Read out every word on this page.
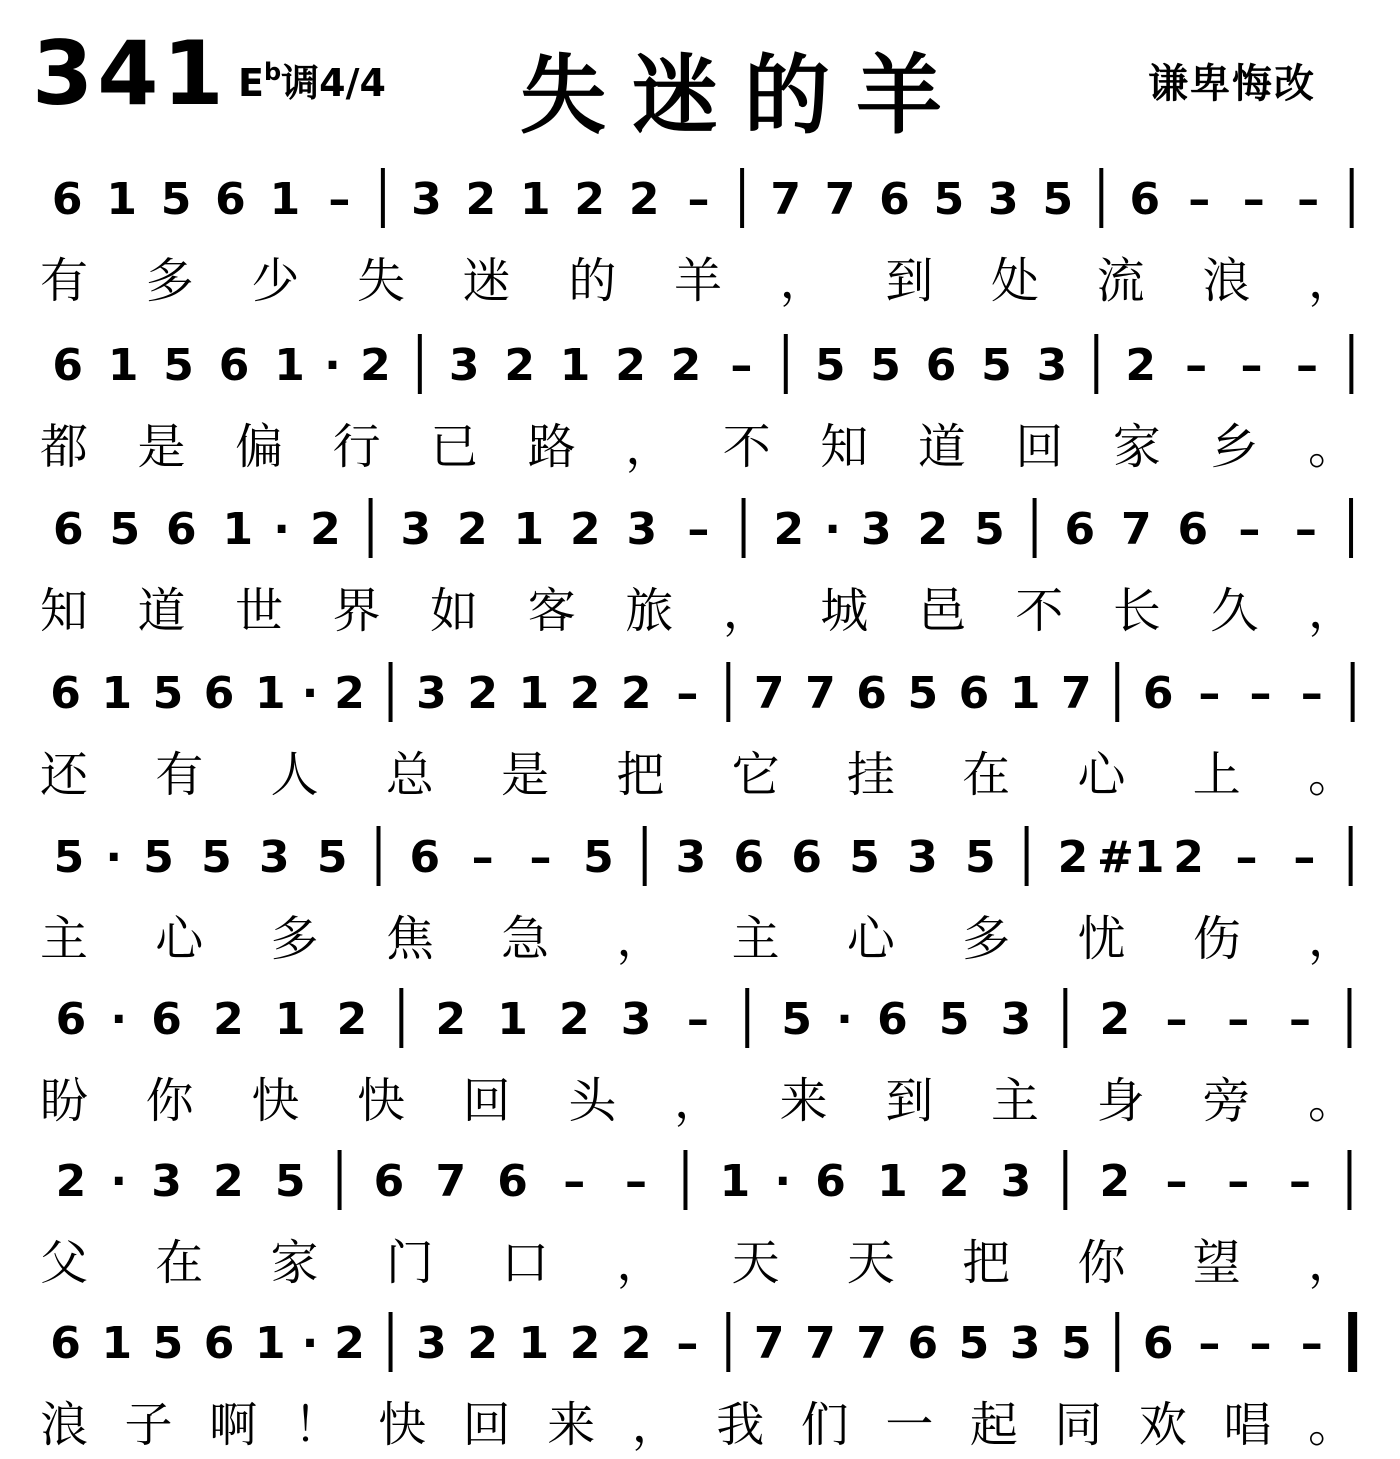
341 $E^b$调4/4 失迷的羊	谦卑悔改
6 1 5 6 1 – 3 2 1 2 2 – 7 7 6 5 3 5 6 – – –
有 多 少 失 迷 的 羊 ， 到 处 流 浪 ，
6 1 5 6 1 · 2 3 2 1 2 2 – 5 5 6 5 3 2 – – –
都 是 偏 行 已 路 ， 不 知 道 回 家 乡 。
6 5 6 1 · 2 3 2 1 2 3 – 2 · 3 2 5 6 7 6 – –
知 道 世 界 如 客 旅 ， 城 邑 不 长 久 ，
6 1 5 6 1 · 2 3 2 1 2 2 – 7 7 6 5 6 1 7 6 – – –
还 有 人 总 是 把 它 挂 在 心 上 。
5 · 5 5 3 5 6 – – 5 3 6 6 5 3 5 2 #1 2 – –
主 心 多 焦 急 ， 主 心 多 忧 伤 ，
6 · 6 2 1 2 2 1 2 3 – 5 · 6 5 3 2 – – –
盼 你 快 快 回 头 ， 来 到 主 身 旁 。
2 · 3 2 5 6 7 6 – – 1 · 6 1 2 3 2 – – –
父 在 家 门 口 ， 天 天 把 你 望 ，
6 1 5 6 1 · 2 3 2 1 2 2 – 7 7 7 6 5 3 5 6 – – –
浪 子 啊 ！ 快 回 来 ， 我 们 一 起 同 欢 唱 。
